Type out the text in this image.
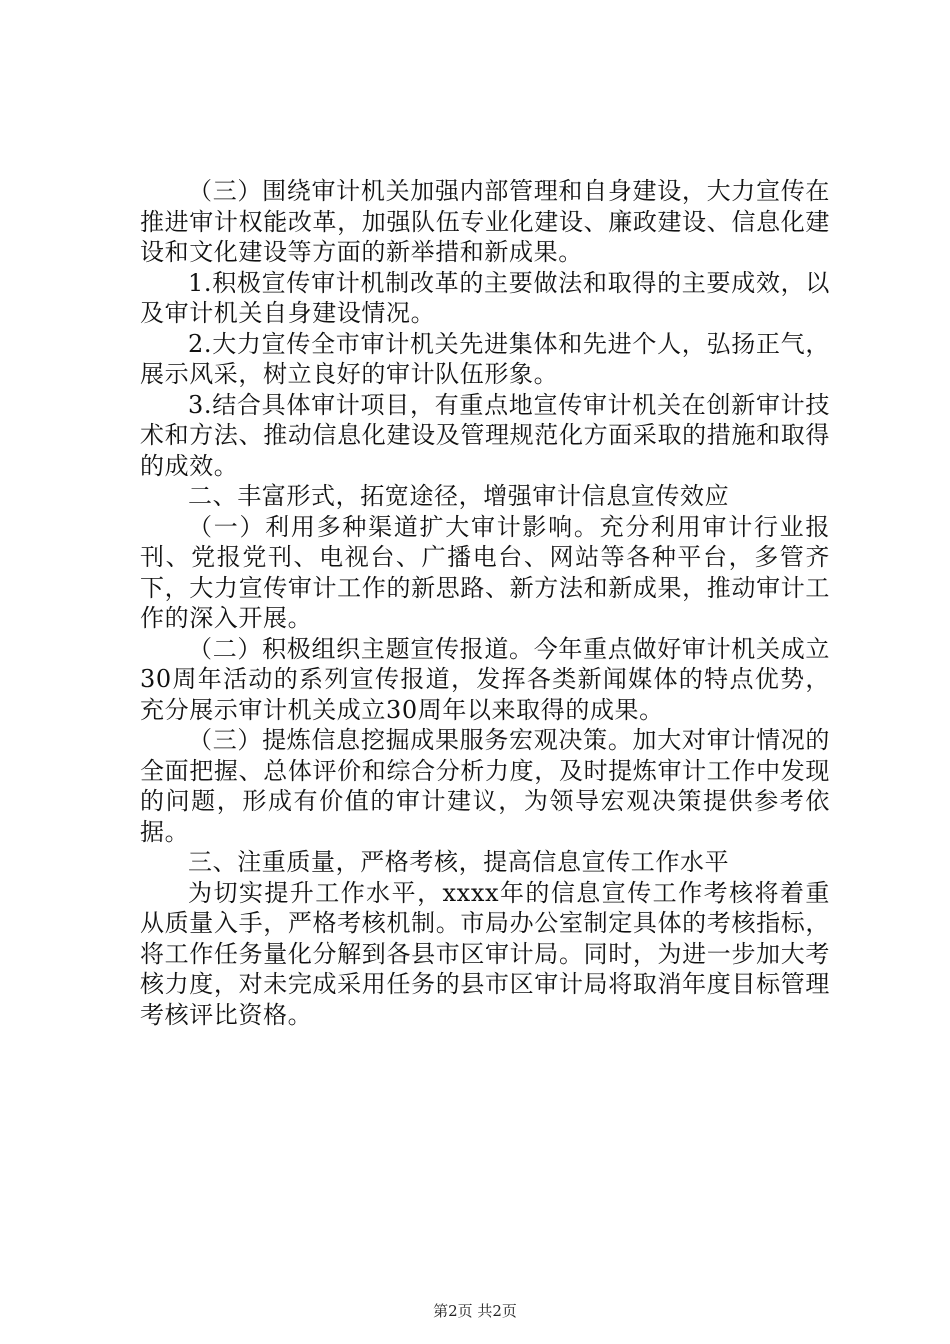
（三）围绕审计机关加强内部管理和自身建设，大力宣传在推进审计权能改革，加强队伍专业化建设、廉政建设、信息化建设和文化建设等方面的新举措和新成果。

1.积极宣传审计机制改革的主要做法和取得的主要成效，以及审计机关自身建设情况。

2.大力宣传全市审计机关先进集体和先进个人，弘扬正气，展示风采，树立良好的审计队伍形象。

3.结合具体审计项目，有重点地宣传审计机关在创新审计技术和方法、推动信息化建设及管理规范化方面采取的措施和取得的成效。

二、丰富形式，拓宽途径，增强审计信息宣传效应

（一）利用多种渠道扩大审计影响。充分利用审计行业报刊、党报党刊、电视台、广播电台、网站等各种平台，多管齐下，大力宣传审计工作的新思路、新方法和新成果，推动审计工作的深入开展。

（二）积极组织主题宣传报道。今年重点做好审计机关成立30周年活动的系列宣传报道，发挥各类新闻媒体的特点优势，充分展示审计机关成立30周年以来取得的成果。

（三）提炼信息挖掘成果服务宏观决策。加大对审计情况的全面把握、总体评价和综合分析力度，及时提炼审计工作中发现的问题，形成有价值的审计建议，为领导宏观决策提供参考依据。

三、注重质量，严格考核，提高信息宣传工作水平

为切实提升工作水平，xxxx年的信息宣传工作考核将着重从质量入手，严格考核机制。市局办公室制定具体的考核指标，将工作任务量化分解到各县市区审计局。同时，为进一步加大考核力度，对未完成采用任务的县市区审计局将取消年度目标管理考核评比资格。

第2页 共2页
